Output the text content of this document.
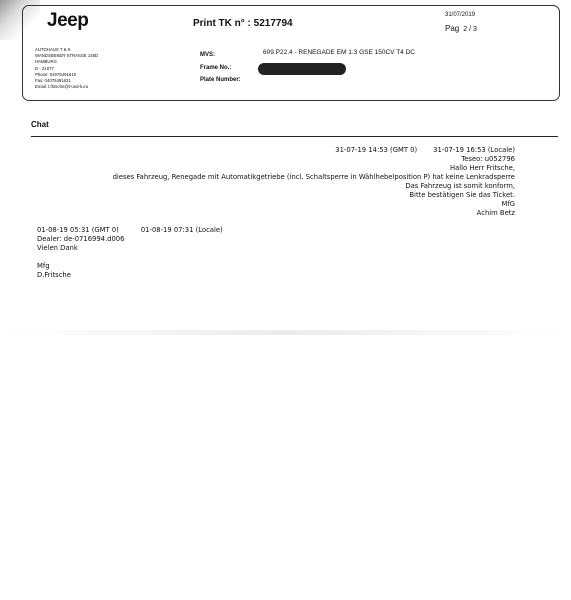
Jeep	Print TK n° : 5217794
31/07/2019
Pag 2 / 3
AUTOHAUS T & K
WANDSBEKER STRASSE 148D
HAMBURG
D - 21077
Phone: 04075491610
Fax: 04075491631
Email: t.fritsche@t-und-k.eu
MVS:
Frame No.:
Plate Number:
609.P22.4 - RENEGADE EM 1.3 GSE 150CV T4 DC
Chat
31-07-19 14:53 (GMT 0) 31-07-19 16:53 (Locale)
Teseo: u052796
Hallo Herr Fritsche,
dieses Fahrzeug, Renegade mit Automatikgetriebe (incl. Schaltsperre in Wählhebelposition P) hat keine Lenkradsperre
Das Fahrzeug ist somit konform,
Bitte bestätigen Sie das Ticket.
MfG
Achim Betz
01-08-19 05:31 (GMT 0)	01-08-19 07:31 (Locale)
Dealer: de-0716994.d006
Vielen Dank
Mfg
D.Fritsche
